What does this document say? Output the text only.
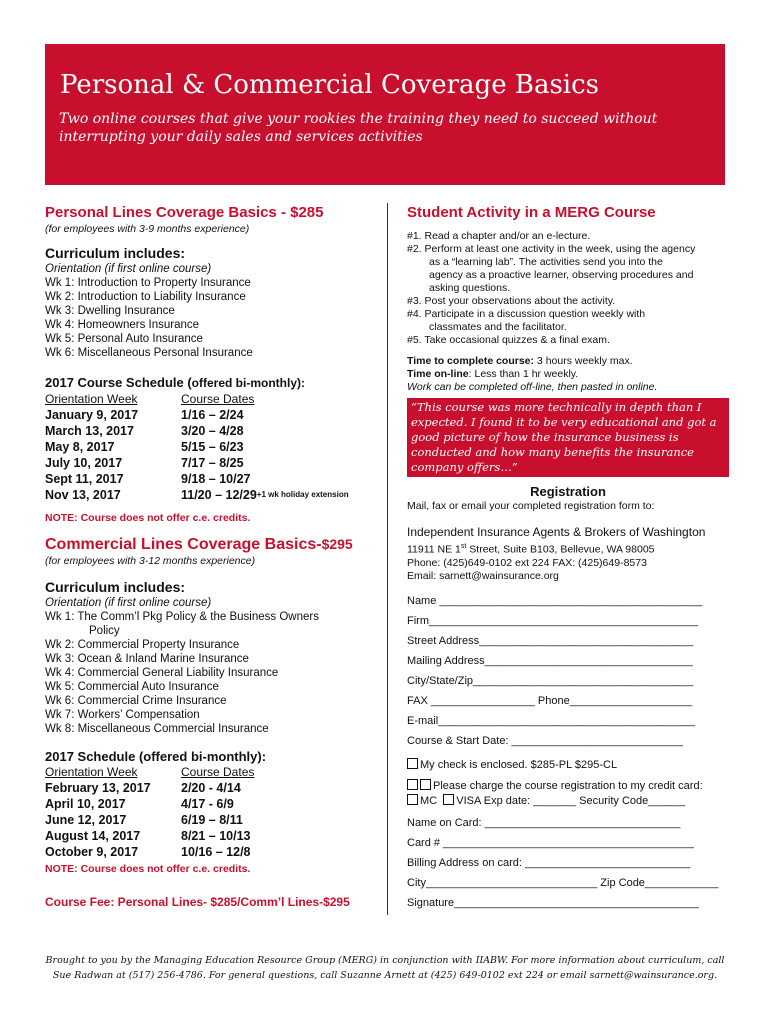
Personal & Commercial Coverage Basics
Two online courses that give your rookies the training they need to succeed without interrupting your daily sales and services activities
Personal Lines Coverage Basics - $285
(for employees with 3-9 months experience)
Curriculum includes:
Orientation (if first online course)
Wk 1: Introduction to Property Insurance
Wk 2: Introduction to Liability Insurance
Wk 3: Dwelling Insurance
Wk 4: Homeowners Insurance
Wk 5: Personal Auto Insurance
Wk 6: Miscellaneous Personal Insurance
2017 Course Schedule (offered bi-monthly):
Orientation Week	Course Dates
January 9, 2017	1/16 – 2/24
March 13, 2017	3/20 – 4/28
May 8, 2017	5/15 – 6/23
July 10, 2017	7/17 – 8/25
Sept 11, 2017	9/18 – 10/27
Nov 13, 2017	11/20 – 12/29 +1 wk holiday extension
NOTE: Course does not offer c.e. credits.
Commercial Lines Coverage Basics-$295
(for employees with 3-12 months experience)
Curriculum includes:
Orientation (if first online course)
Wk 1: The Comm’l Pkg Policy & the Business Owners
Policy
Wk 2: Commercial Property Insurance
Wk 3: Ocean & Inland Marine Insurance
Wk 4: Commercial General Liability Insurance
Wk 5: Commercial Auto Insurance
Wk 6: Commercial Crime Insurance
Wk 7: Workers’ Compensation
Wk 8: Miscellaneous Commercial Insurance
2017 Schedule (offered bi-monthly):
Orientation Week	Course Dates
February 13, 2017	2/20 - 4/14
April 10, 2017	4/17 - 6/9
June 12, 2017	6/19 – 8/11
August 14, 2017	8/21 – 10/13
October 9, 2017	10/16 – 12/8
NOTE: Course does not offer c.e. credits.
Course Fee: Personal Lines- $285/Comm’l Lines-$295
Student Activity in a MERG Course
#1. Read a chapter and/or an e-lecture.
#2. Perform at least one activity in the week, using the agency
as a “learning lab”. The activities send you into the
agency as a proactive learner, observing procedures and
asking questions.
#3. Post your observations about the activity.
#4. Participate in a discussion question weekly with
classmates and the facilitator.
#5. Take occasional quizzes & a final exam.
Time to complete course: 3 hours weekly max.
Time on-line: Less than 1 hr weekly.
Work can be completed off-line, then pasted in online.
“This course was more technically in depth than I expected. I found it to be very educational and got a good picture of how the insurance business is conducted and how many benefits the insurance company offers…”
Registration
Mail, fax or email your completed registration form to:
Independent Insurance Agents & Brokers of Washington
11911 NE 1st Street, Suite B103, Bellevue, WA 98005
Phone: (425)649-0102 ext 224 FAX: (425)649-8573
Email: sarnett@wainsurance.org
Name ___________________________________________
Firm____________________________________________
Street Address___________________________________
Mailing Address__________________________________
City/State/Zip____________________________________
FAX _________________ Phone____________________
E-mail__________________________________________
Course & Start Date: ____________________________
My check is enclosed. $285-PL $295-CL
Please charge the course registration to my credit card:
MC VISA Exp date: _______ Security Code______
Name on Card: ________________________________
Card # _________________________________________
Billing Address on card: ___________________________
City____________________________ Zip Code____________
Signature________________________________________
Brought to you by the Managing Education Resource Group (MERG) in conjunction with IIABW. For more information about curriculum, call
Sue Radwan at (517) 256-4786. For general questions, call Suzanne Arnett at (425) 649-0102 ext 224 or email sarnett@wainsurance.org.
